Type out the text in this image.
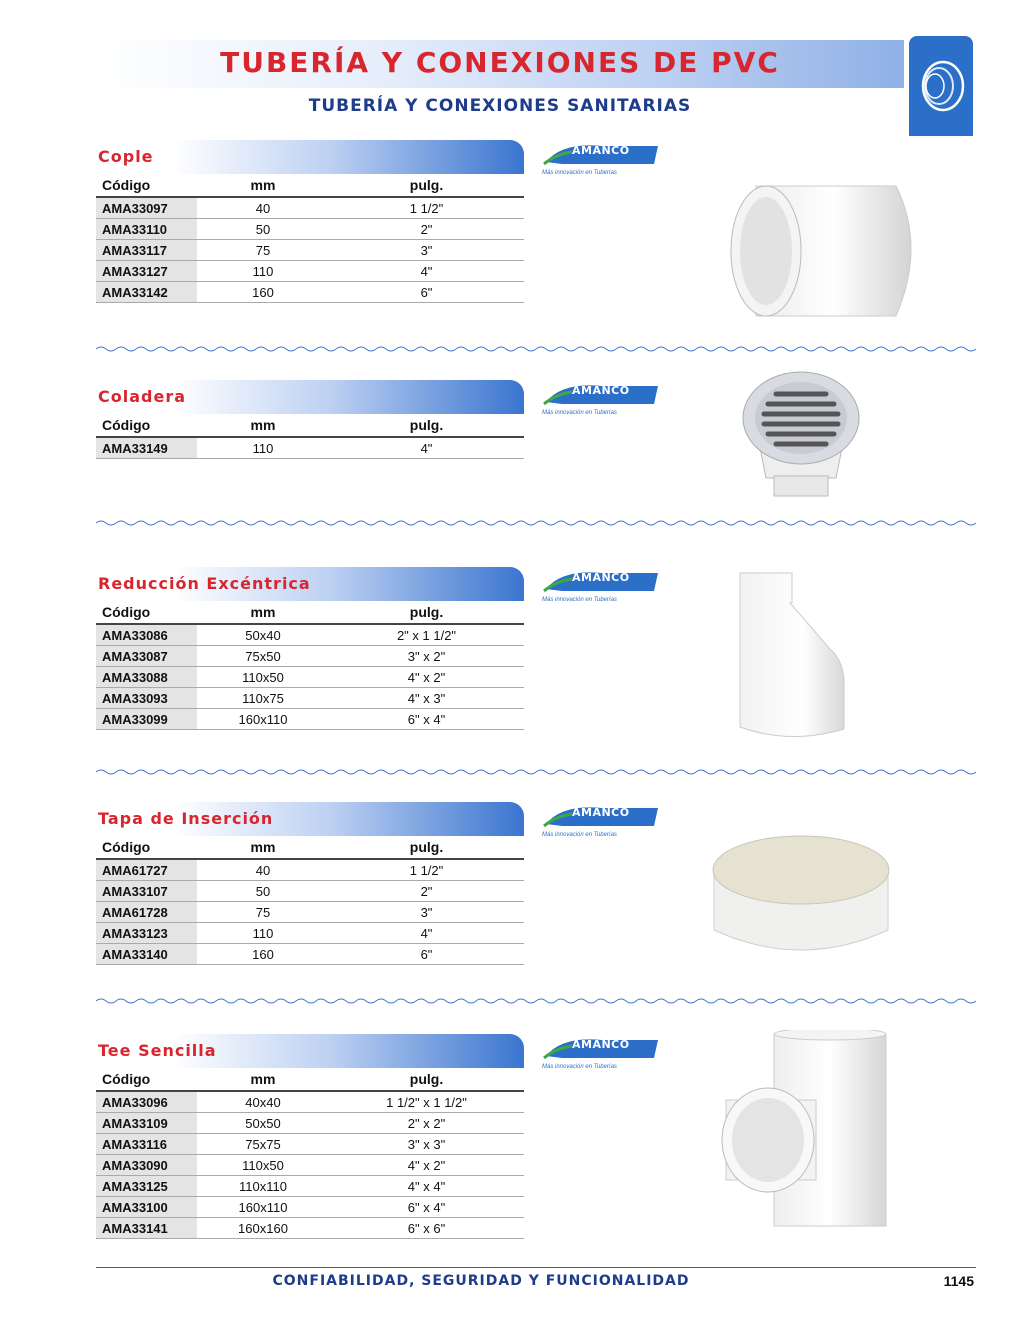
TUBERÍA Y CONEXIONES DE PVC
TUBERÍA Y CONEXIONES SANITARIAS
Cople
Código	mm	pulg.
AMA33097	40	1 1/2"
AMA33110	50	2"
AMA33117	75	3"
AMA33127	110	4"
AMA33142	160	6"
AMANCO
Más innovación en Tuberías
Coladera
Código	mm	pulg.
AMA33149	110	4"
AMANCO
Más innovación en Tuberías
Reducción Excéntrica
Código	mm	pulg.
AMA33086	50x40	2" x 1 1/2"
AMA33087	75x50	3" x 2"
AMA33088	110x50	4" x 2"
AMA33093	110x75	4" x 3"
AMA33099	160x110	6" x 4"
AMANCO
Más innovación en Tuberías
Tapa de Inserción
Código	mm	pulg.
AMA61727	40	1 1/2"
AMA33107	50	2"
AMA61728	75	3"
AMA33123	110	4"
AMA33140	160	6"
AMANCO
Más innovación en Tuberías
Tee Sencilla
Código	mm	pulg.
AMA33096	40x40	1 1/2" x 1 1/2"
AMA33109	50x50	2" x 2"
AMA33116	75x75	3" x 3"
AMA33090	110x50	4" x 2"
AMA33125	110x110	4" x 4"
AMA33100	160x110	6" x 4"
AMA33141	160x160	6" x 6"
AMANCO
Más innovación en Tuberías
CONFIABILIDAD, SEGURIDAD Y FUNCIONALIDAD	1145
